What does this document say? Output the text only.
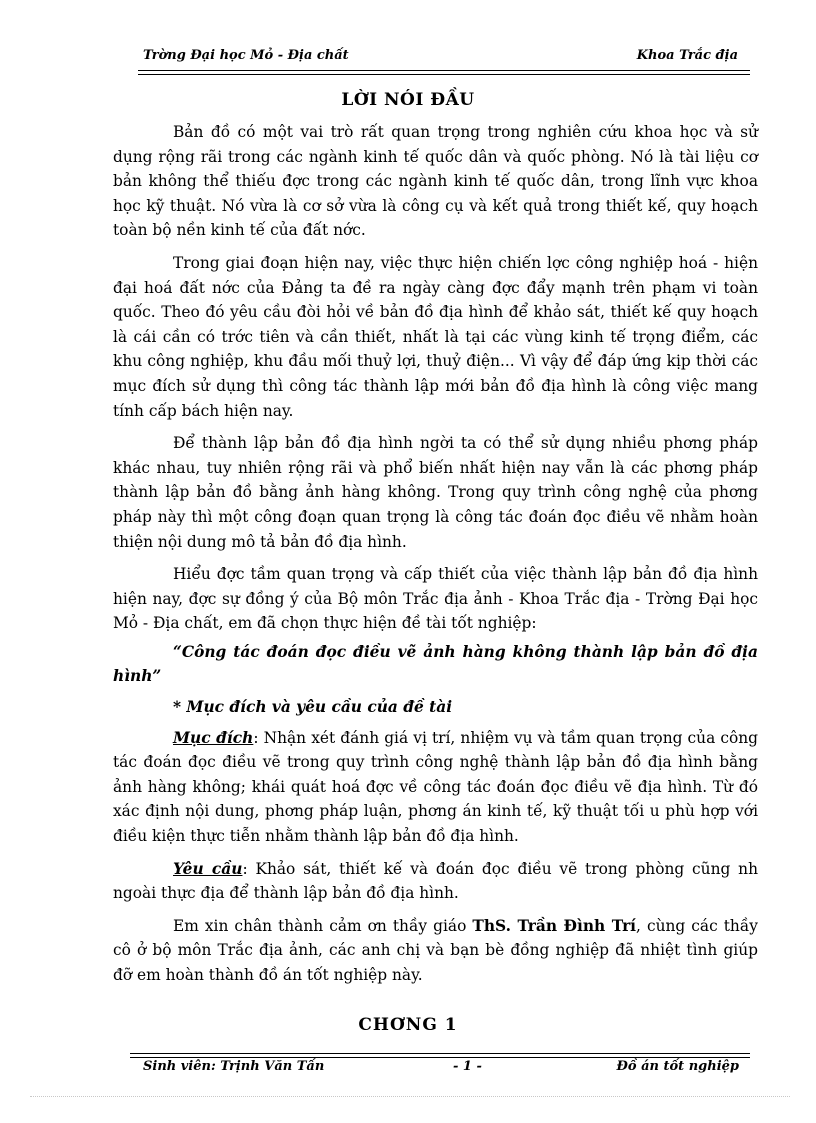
Trờng Đại học Mỏ - Địa chất	Khoa Trắc địa
LỜI NÓI ĐẦU

Bản đồ có một vai trò rất quan trọng trong nghiên cứu khoa học và sử dụng rộng rãi trong các ngành kinh tế quốc dân và quốc phòng. Nó là tài liệu cơ bản không thể thiếu đợc trong các ngành kinh tế quốc dân, trong lĩnh vực khoa học kỹ thuật. Nó vừa là cơ sở vừa là công cụ và kết quả trong thiết kế, quy hoạch toàn bộ nền kinh tế của đất nớc.

Trong giai đoạn hiện nay, việc thực hiện chiến lợc công nghiệp hoá - hiện đại hoá đất nớc của Đảng ta đề ra ngày càng đợc đẩy mạnh trên phạm vi toàn quốc. Theo đó yêu cầu đòi hỏi về bản đồ địa hình để khảo sát, thiết kế quy hoạch là cái cần có trớc tiên và cần thiết, nhất là tại các vùng kinh tế trọng điểm, các khu công nghiệp, khu đầu mối thuỷ lợi, thuỷ điện... Vì vậy để đáp ứng kịp thời các mục đích sử dụng thì công tác thành lập mới bản đồ địa hình là công việc mang tính cấp bách hiện nay.

Để thành lập bản đồ địa hình ngời ta có thể sử dụng nhiều phơng pháp khác nhau, tuy nhiên rộng rãi và phổ biến nhất hiện nay vẫn là các phơng pháp thành lập bản đồ bằng ảnh hàng không. Trong quy trình công nghệ của phơng pháp này thì một công đoạn quan trọng là công tác đoán đọc điều vẽ nhằm hoàn thiện nội dung mô tả bản đồ địa hình.

Hiểu đợc tầm quan trọng và cấp thiết của việc thành lập bản đồ địa hình hiện nay, đợc sự đồng ý của Bộ môn Trắc địa ảnh - Khoa Trắc địa - Trờng Đại học Mỏ - Địa chất, em đã chọn thực hiện đề tài tốt nghiệp:

“Công tác đoán đọc điều vẽ ảnh hàng không thành lập bản đồ địa hình”

* Mục đích và yêu cầu của đề tài

Mục đích: Nhận xét đánh giá vị trí, nhiệm vụ và tầm quan trọng của công tác đoán đọc điều vẽ trong quy trình công nghệ thành lập bản đồ địa hình bằng ảnh hàng không; khái quát hoá đợc về công tác đoán đọc điều vẽ địa hình. Từ đó xác định nội dung, phơng pháp luận, phơng án kinh tế, kỹ thuật tối u phù hợp với điều kiện thực tiễn nhằm thành lập bản đồ địa hình.

Yêu cầu: Khảo sát, thiết kế và đoán đọc điều vẽ trong phòng cũng nh ngoài thực địa để thành lập bản đồ địa hình.

Em xin chân thành cảm ơn thầy giáo ThS. Trần Đình Trí, cùng các thầy cô ở bộ môn Trắc địa ảnh, các anh chị và bạn bè đồng nghiệp đã nhiệt tình giúp đỡ em hoàn thành đồ án tốt nghiệp này.

CHƠNG 1
Sinh viên: Trịnh Văn Tấn	- 1 -	Đồ án tốt nghiệp
